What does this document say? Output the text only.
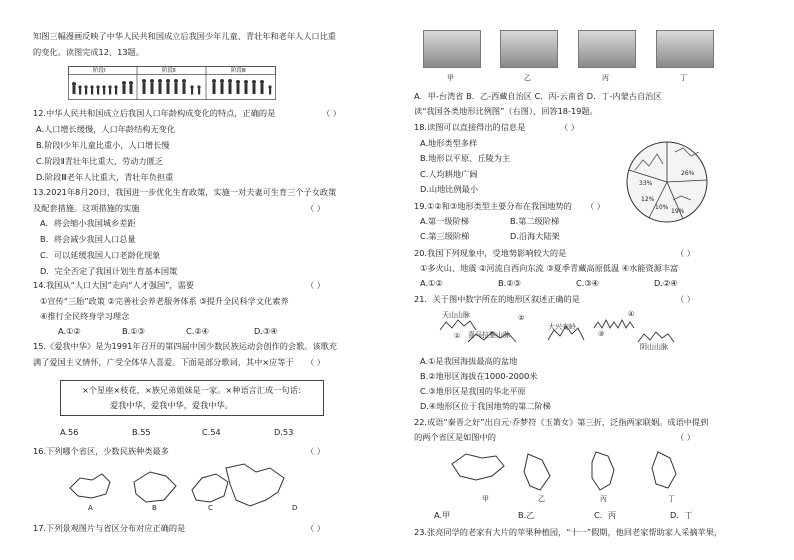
知图三幅漫画反映了中华人民共和国成立后我国少年儿童、青壮年和老年人人口比重
的变化。读图完成12、13题。
阶段Ⅰ	阶段Ⅱ	阶段Ⅲ
12.中华人民共和国成立后我国人口年龄构成变化的特点，正确的是	（ ）
A.人口增长缓慢，人口年龄结构无变化
B.阶段Ⅰ少年儿童比重小，人口增长慢
C.阶段Ⅱ青壮年比重大，劳动力匮乏
D.阶段Ⅲ老年人比重大，青壮年负担重
13.2021年8月20日，我国进一步优化生育政策，实施一对夫妻可生育三个子女政策
及配套措施。这项措施的实施	（ ）
A．将会缩小我国城乡差距
B．将会减少我国人口总量
C．可以延缓我国人口老龄化现象
D．完全否定了我国计划生育基本国策
14.我国从“人口大国”走向“人才强国”，需要	（ ）
①宣传“三胎”政策 ②完善社会养老服务体系 ③提升全民科学文化素养
④推行全民终身学习理念
A.①②	B.①③	C.②④	D.③④
15.《爱我中华》是为1991年召开的第四届中国少数民族运动会创作的会歌。该歌充
满了爱国主义情怀，广受全体华人喜爱。下面是部分歌词，其中×应等于 （ ）
×个星座×枝花，×族兄弟姐妹是一家。×种语言汇成一句话：
爱我中华，爱我中华，爱我中华。
A.56	B.55	C.54	D.53
16.下列哪个省区，少数民族种类最多	（ ）
A	B	C	D
17.下列景观图片与省区分布对应正确的是	（ ）
甲	乙	丙	丁
A．甲-台湾省 B．乙-西藏自治区 C．丙-云南省 D．丁-内蒙古自治区
读“我国各类地形比例图”（右图），回答18-19题。
18.读图可以直接得出的信息是	（ ）
A.地形类型多样
B.地形以平原、丘陵为主
C.人均耕地广阔
D.山地比例最小
33%
26%
19%
10%
12%
19.①②和③地形类型主要分布在我国地势的 （ ）
A.第一级阶梯	B.第二级阶梯
C.第三级阶梯	D.沿海大陆架
20.我国下列现象中，受地势影响较大的是	（ ）
①多火山、地震 ②河流自西向东流 ③夏季青藏高原低温 ④水能资源丰富
A.①②	B.②③	C.③④	D.②④
21．关于图中数字所在的地形区叙述正确的是	（ ）
天山山脉
喜马拉雅山脉
大兴安岭
阴山山脉
①
②
③
④
A.①是我国海拔最高的盆地
B.②地形区海拔在1000-2000米
C.③地形区是我国的华北平原
D.④地形区位于我国地势的第二阶梯
22.成语“秦晋之好”出自元·乔梦符《玉箫女》第三折，泛指两家联姻。成语中提到
的两个省区是如图中的	（ ）
甲	乙	丙	丁
A.甲	B.乙	C．丙	D．丁
23.张亮同学的老家有大片的苹果种植园，“十一”假期，他回老家帮助家人采摘苹果，
